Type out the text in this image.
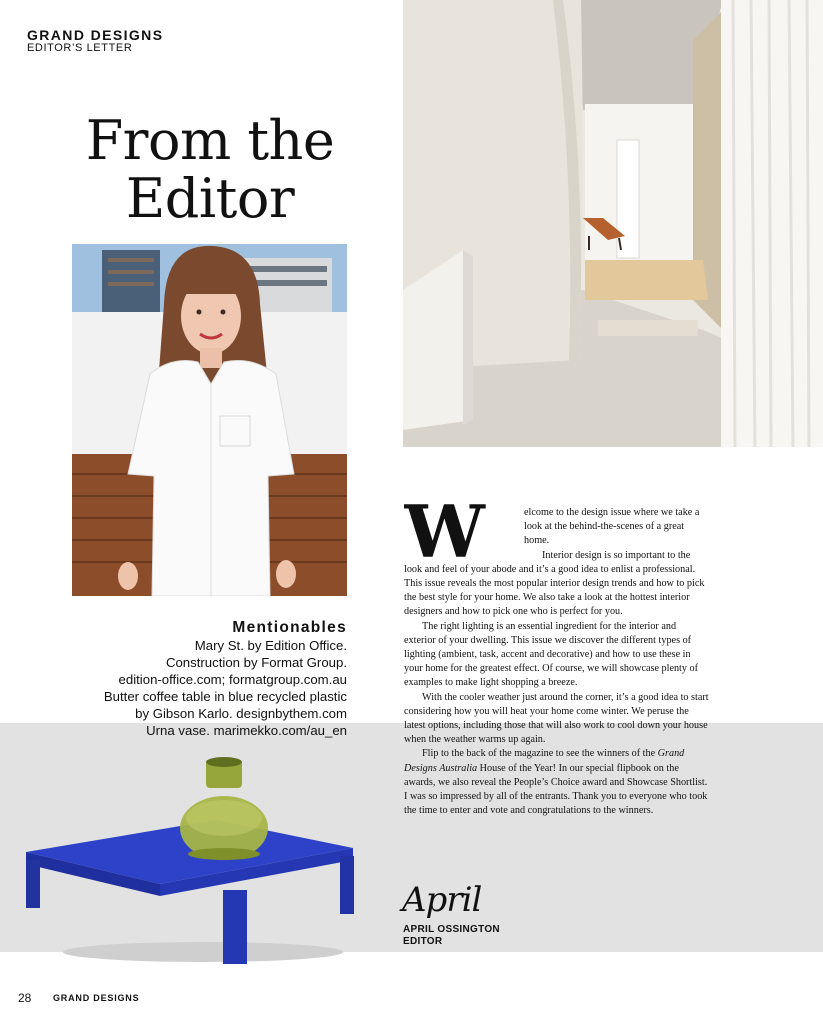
GRAND DESIGNS
EDITOR’S LETTER
From the
Editor
Mentionables
Mary St. by Edition Office.
Construction by Format Group.
edition-office.com; formatgroup.com.au
Butter coffee table in blue recycled plastic
by Gibson Karlo. designbythem.com
Urna vase. marimekko.com/au_en
W	elcome to the design issue where we take a look at the behind-the-scenes of a great home.

Interior design is so important to the look and feel of your abode and it’s a good idea to enlist a professional. This issue reveals the most popular interior design trends and how to pick the best style for your home. We also take a look at the hottest interior designers and how to pick one who is perfect for you.

The right lighting is an essential ingredient for the interior and exterior of your dwelling. This issue we discover the different types of lighting (ambient, task, accent and decorative) and how to use these in your home for the greatest effect. Of course, we will showcase plenty of examples to make light shopping a breeze.

With the cooler weather just around the corner, it’s a good idea to start considering how you will heat your home come winter. We peruse the latest options, including those that will also work to cool down your house when the weather warms up again.

Flip to the back of the magazine to see the winners of the Grand Designs Australia House of the Year! In our special flipbook on the awards, we also reveal the People’s Choice award and Showcase Shortlist. I was so impressed by all of the entrants. Thank you to everyone who took the time to enter and vote and congratulations to the winners.

April
APRIL OSSINGTON
EDITOR
28 GRAND DESIGNS
